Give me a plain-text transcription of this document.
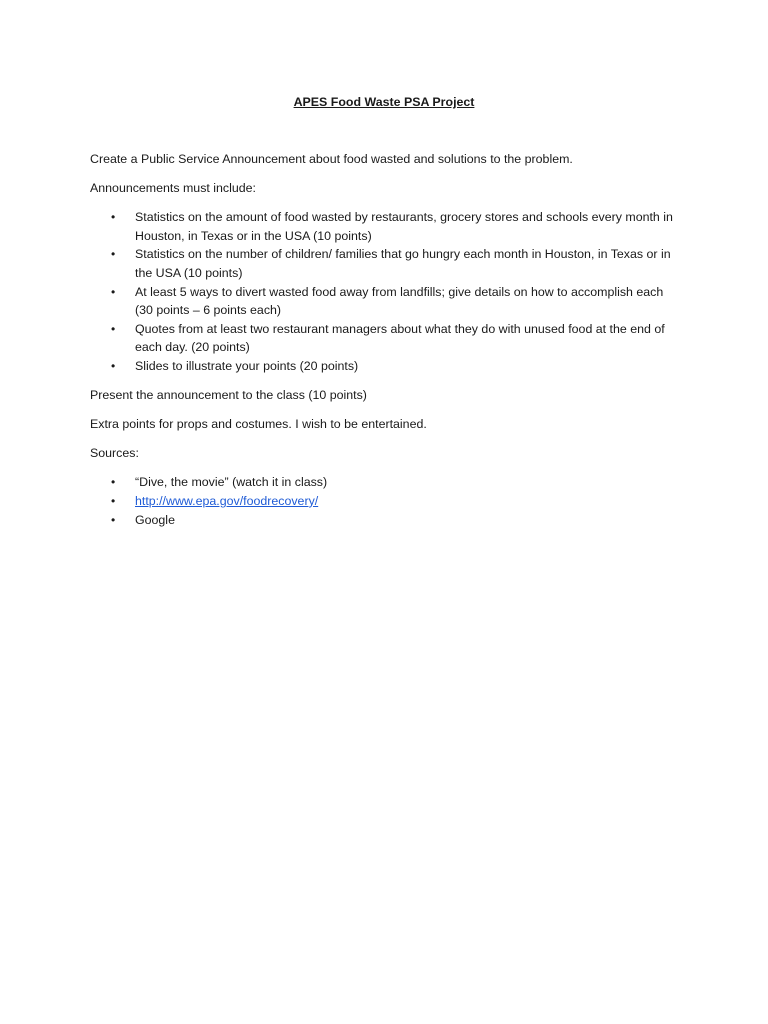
APES Food Waste PSA Project

Create a Public Service Announcement about food wasted and solutions to the problem.

Announcements must include:

• Statistics on the amount of food wasted by restaurants, grocery stores and schools every month in Houston, in Texas or in the USA (10 points)
• Statistics on the number of children/ families that go hungry each month in Houston, in Texas or in the USA (10 points)
• At least 5 ways to divert wasted food away from landfills; give details on how to accomplish each (30 points – 6 points each)
• Quotes from at least two restaurant managers about what they do with unused food at the end of each day. (20 points)
• Slides to illustrate your points (20 points)

Present the announcement to the class (10 points)

Extra points for props and costumes. I wish to be entertained.

Sources:

• “Dive, the movie” (watch it in class)
• http://www.epa.gov/foodrecovery/
• Google
